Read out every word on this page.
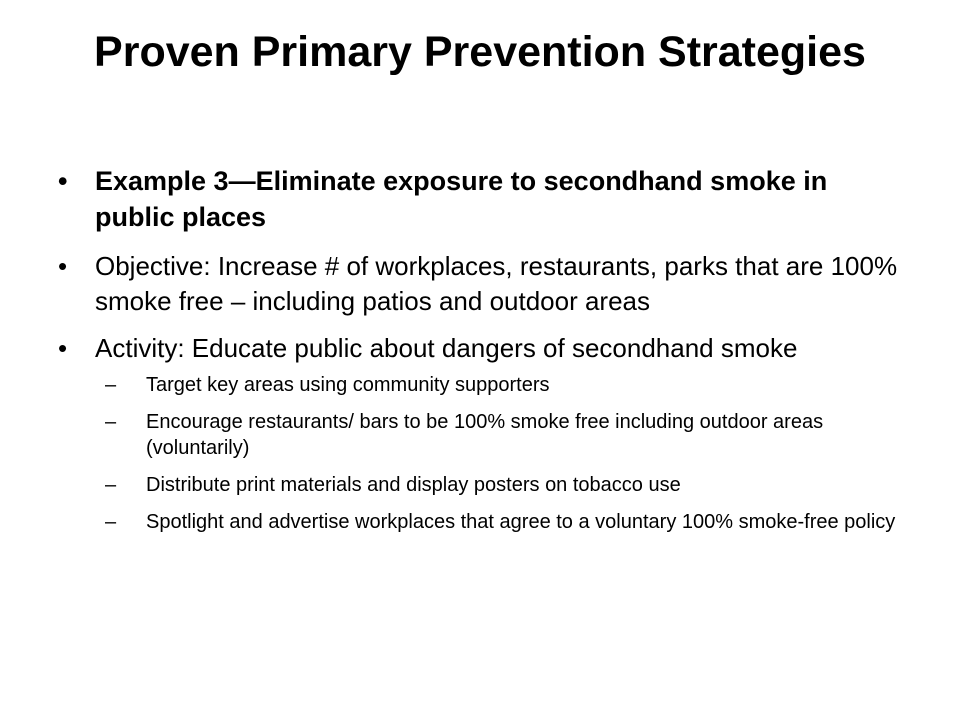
Proven Primary Prevention Strategies
• Example 3—Eliminate exposure to secondhand smoke in public places
• Objective: Increase # of workplaces, restaurants, parks that are 100% smoke free – including patios and outdoor areas
• Activity: Educate public about dangers of secondhand smoke
– Target key areas using community supporters
– Encourage restaurants/ bars to be 100% smoke free including outdoor areas (voluntarily)
– Distribute print materials and display posters on tobacco use
– Spotlight and advertise workplaces that agree to a voluntary 100% smoke-free policy
